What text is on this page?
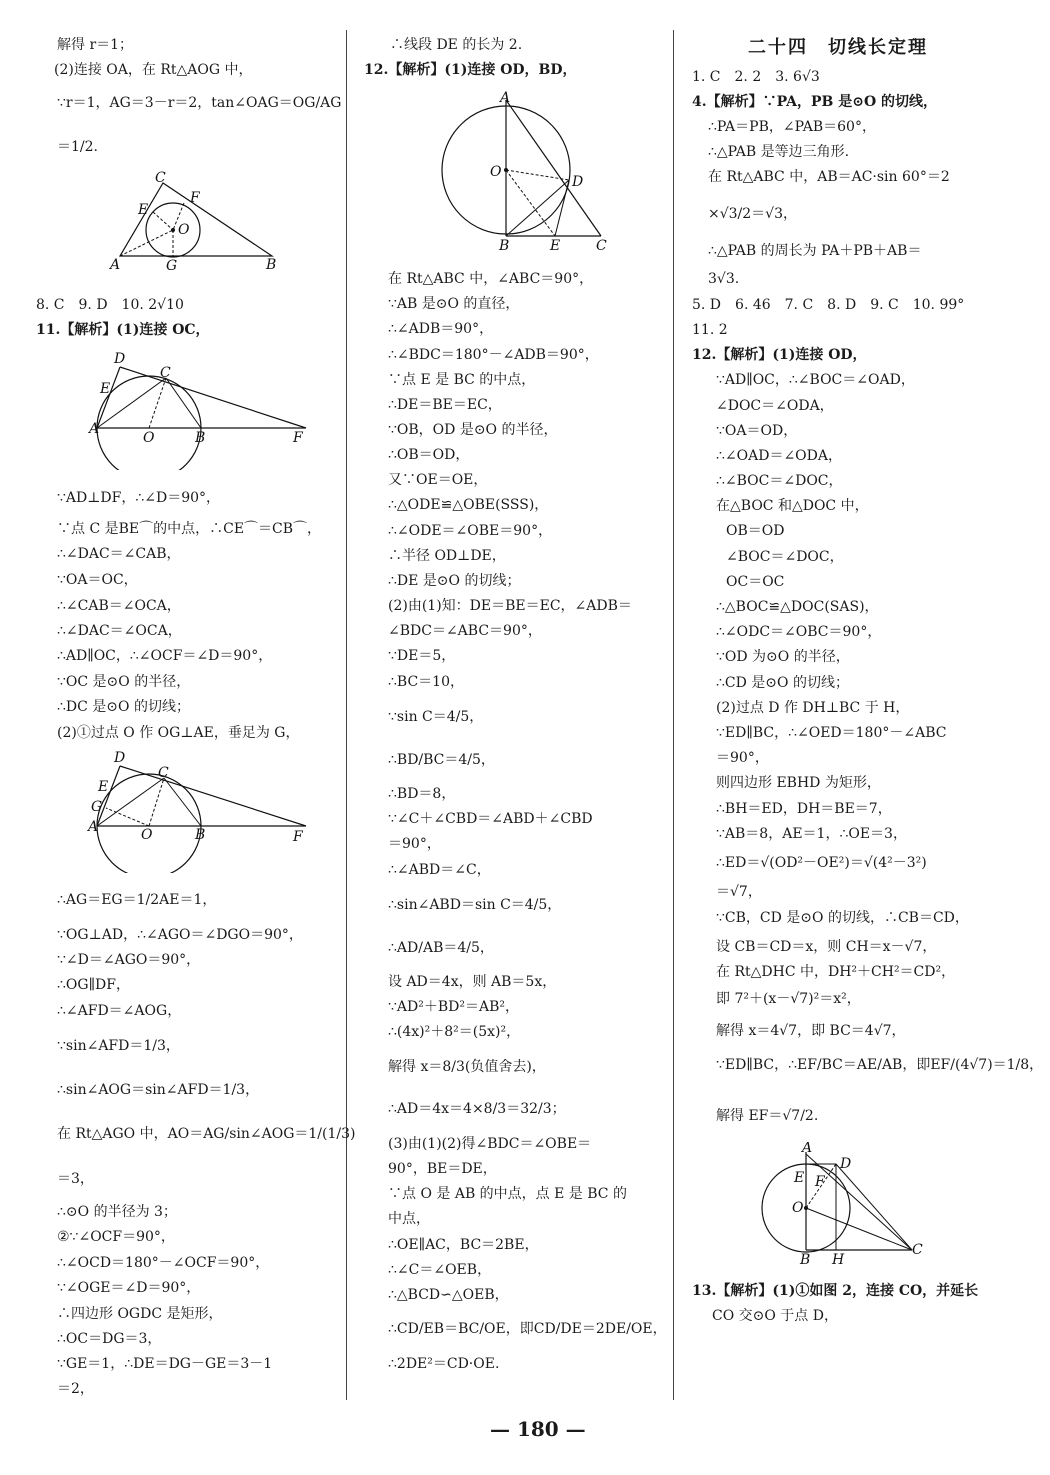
解得 r＝1；
(2)连接 OA，在 Rt△AOG 中，
∵r＝1，AG＝3－r＝2，tan∠OAG＝OG/AG
＝1/2.
8. C　9. D　10. 2√10
11.【解析】(1)连接 OC，
∵AD⊥DF，∴∠D＝90°，
∵点 C 是BE⌒的中点，∴CE⌒＝CB⌒，
∴∠DAC＝∠CAB，
∵OA＝OC，
∴∠CAB＝∠OCA，
∴∠DAC＝∠OCA，
∴AD∥OC，∴∠OCF＝∠D＝90°，
∵OC 是⊙O 的半径，
∴DC 是⊙O 的切线；
(2)①过点 O 作 OG⊥AE，垂足为 G，
∴AG＝EG＝1/2AE＝1，
∵OG⊥AD，∴∠AGO＝∠DGO＝90°，
∵∠D＝∠AGO＝90°，
∴OG∥DF，
∴∠AFD＝∠AOG，
∵sin∠AFD＝1/3，
∴sin∠AOG＝sin∠AFD＝1/3，
在 Rt△AGO 中，AO＝AG/sin∠AOG＝1/(1/3)
＝3，
∴⊙O 的半径为 3；
②∵∠OCF＝90°，
∴∠OCD＝180°－∠OCF＝90°，
∵∠OGE＝∠D＝90°，
∴四边形 OGDC 是矩形，
∴OC＝DG＝3，
∵GE＝1，∴DE＝DG－GE＝3－1
＝2，
A	B
C
E
F
O
G
D
E
C
A
O	B	F
D
E
G
C
A	O	B	F
∴线段 DE 的长为 2.
12.【解析】(1)连接 OD，BD，
在 Rt△ABC 中，∠ABC＝90°，
∵AB 是⊙O 的直径，
∴∠ADB＝90°，
∴∠BDC＝180°－∠ADB＝90°，
∵点 E 是 BC 的中点，
∴DE＝BE＝EC，
∵OB，OD 是⊙O 的半径，
∴OB＝OD，
又∵OE＝OE，
∴△ODE≌△OBE(SSS)，
∴∠ODE＝∠OBE＝90°，
∴半径 OD⊥DE，
∴DE 是⊙O 的切线；
(2)由(1)知：DE＝BE＝EC，∠ADB＝
∠BDC＝∠ABC＝90°，
∵DE＝5，
∴BC＝10，
∵sin C＝4/5，
∴BD/BC＝4/5，
∴BD＝8，
∵∠C＋∠CBD＝∠ABD＋∠CBD
＝90°，
∴∠ABD＝∠C，
∴sin∠ABD＝sin C＝4/5，
∴AD/AB＝4/5，
设 AD＝4x，则 AB＝5x，
∵AD²＋BD²＝AB²，
∴(4x)²＋8²＝(5x)²，
解得 x＝8/3(负值舍去)，
∴AD＝4x＝4×8/3＝32/3；
(3)由(1)(2)得∠BDC＝∠OBE＝
90°，BE＝DE，
∵点 O 是 AB 的中点，点 E 是 BC 的
中点，
∴OE∥AC，BC＝2BE，
∴∠C＝∠OEB，
∴△BCD∽△OEB，
∴CD/EB＝BC/OE，即CD/DE＝2DE/OE，
∴2DE²＝CD·OE.
A
O
D
B	E	C
二十四　切线长定理
1. C　2. 2　3. 6√3
4.【解析】∵PA，PB 是⊙O 的切线，
∴PA＝PB，∠PAB＝60°，
∴△PAB 是等边三角形.
在 Rt△ABC 中，AB＝AC·sin 60°＝2
×√3/2＝√3，
∴△PAB 的周长为 PA＋PB＋AB＝
3√3.
5. D　6. 46　7. C　8. D　9. C　10. 99°
11. 2
12.【解析】(1)连接 OD，
∵AD∥OC，∴∠BOC＝∠OAD，
∠DOC＝∠ODA，
∵OA＝OD，
∴∠OAD＝∠ODA，
∴∠BOC＝∠DOC，
在△BOC 和△DOC 中，
OB＝OD
∠BOC＝∠DOC，
OC＝OC
∴△BOC≌△DOC(SAS)，
∴∠ODC＝∠OBC＝90°，
∵OD 为⊙O 的半径，
∴CD 是⊙O 的切线；
(2)过点 D 作 DH⊥BC 于 H，
∵ED∥BC，∴∠OED＝180°－∠ABC
＝90°，
则四边形 EBHD 为矩形，
∴BH＝ED，DH＝BE＝7，
∵AB＝8，AE＝1，∴OE＝3，
∴ED＝√(OD²－OE²)＝√(4²－3²)
＝√7，
∵CB，CD 是⊙O 的切线，∴CB＝CD，
设 CB＝CD＝x，则 CH＝x－√7，
在 Rt△DHC 中，DH²＋CH²＝CD²，
即 7²＋(x－√7)²＝x²，
解得 x＝4√7，即 BC＝4√7，
∵ED∥BC，∴EF/BC＝AE/AB，即EF/(4√7)＝1/8，
解得 EF＝√7/2.
13.【解析】(1)①如图 2，连接 CO，并延长
CO 交⊙O 于点 D，
A
D
E F
O
B H
C
— 180 —
